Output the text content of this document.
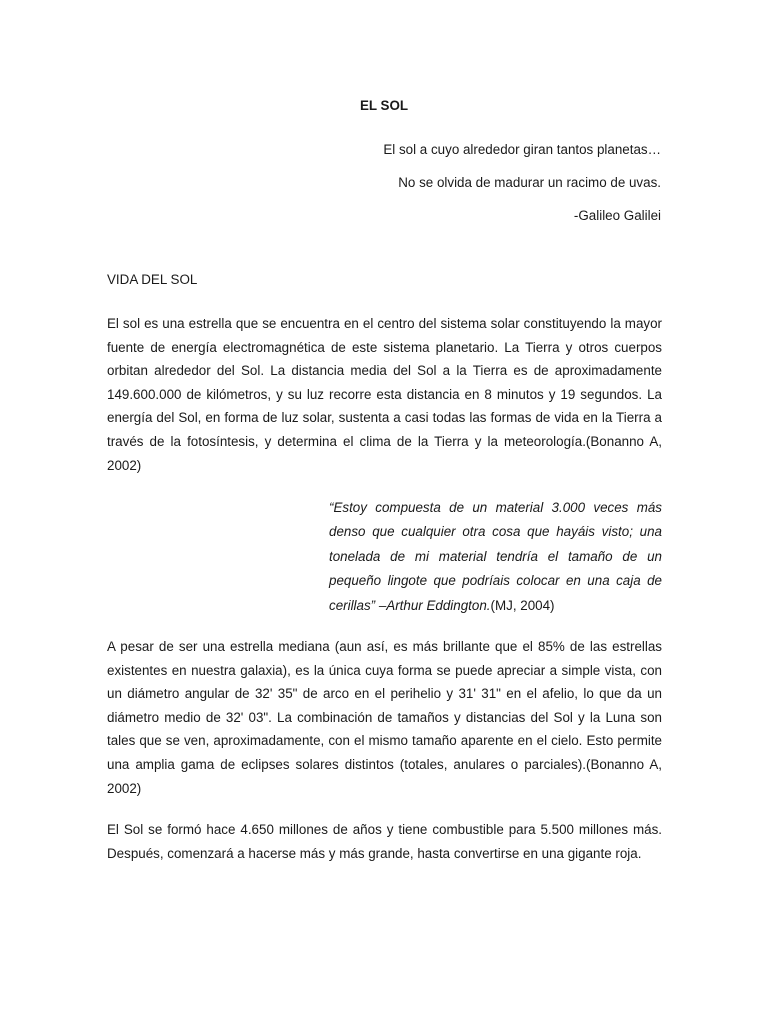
EL SOL

El sol a cuyo alrededor giran tantos planetas…

No se olvida de madurar un racimo de uvas.

-Galileo Galilei

VIDA DEL SOL

El sol es una estrella que se encuentra en el centro del sistema solar constituyendo la mayor fuente de energía electromagnética de este sistema planetario. La Tierra y otros cuerpos orbitan alrededor del Sol. La distancia media del Sol a la Tierra es de aproximadamente 149.600.000 de kilómetros, y su luz recorre esta distancia en 8 minutos y 19 segundos. La energía del Sol, en forma de luz solar, sustenta a casi todas las formas de vida en la Tierra a través de la fotosíntesis, y determina el clima de la Tierra y la meteorología.(Bonanno A, 2002)

“Estoy compuesta de un material 3.000 veces más denso que cualquier otra cosa que hayáis visto; una tonelada de mi material tendría el tamaño de un pequeño lingote que podríais colocar en una caja de cerillas” –Arthur Eddington.(MJ, 2004)

A pesar de ser una estrella mediana (aun así, es más brillante que el 85% de las estrellas existentes en nuestra galaxia), es la única cuya forma se puede apreciar a simple vista, con un diámetro angular de 32' 35" de arco en el perihelio y 31' 31" en el afelio, lo que da un diámetro medio de 32' 03". La combinación de tamaños y distancias del Sol y la Luna son tales que se ven, aproximadamente, con el mismo tamaño aparente en el cielo. Esto permite una amplia gama de eclipses solares distintos (totales, anulares o parciales).(Bonanno A, 2002)

El Sol se formó hace 4.650 millones de años y tiene combustible para 5.500 millones más. Después, comenzará a hacerse más y más grande, hasta convertirse en una gigante roja.
